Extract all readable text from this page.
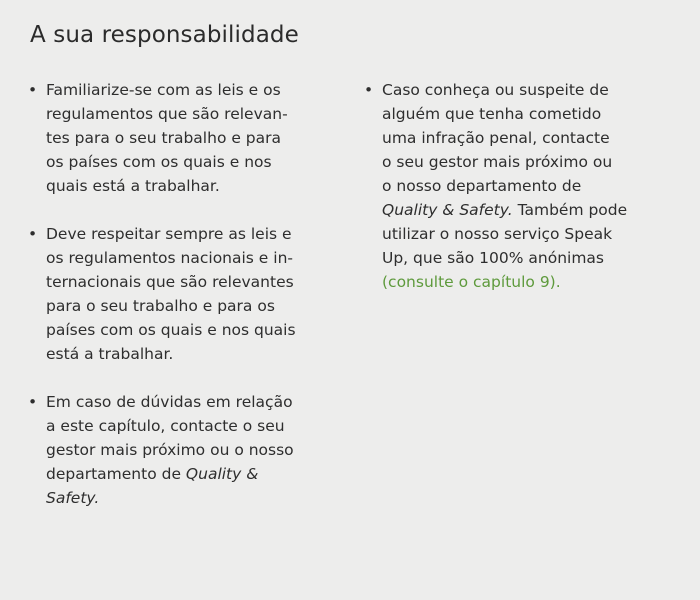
A sua responsabilidade
• Familiarize-se com as leis e os
regulamentos que são relevan-
tes para o seu trabalho e para
os países com os quais e nos
quais está a trabalhar.
• Deve respeitar sempre as leis e
os regulamentos nacionais e in-
ternacionais que são relevantes
para o seu trabalho e para os
países com os quais e nos quais
está a trabalhar.
• Em caso de dúvidas em relação
a este capítulo, contacte o seu
gestor mais próximo ou o nosso
departamento de Quality &
Safety.
• Caso conheça ou suspeite de
alguém que tenha cometido
uma infração penal, contacte
o seu gestor mais próximo ou
o nosso departamento de
Quality & Safety. Também pode
utilizar o nosso serviço Speak
Up, que são 100% anónimas
(consulte o capítulo 9).
